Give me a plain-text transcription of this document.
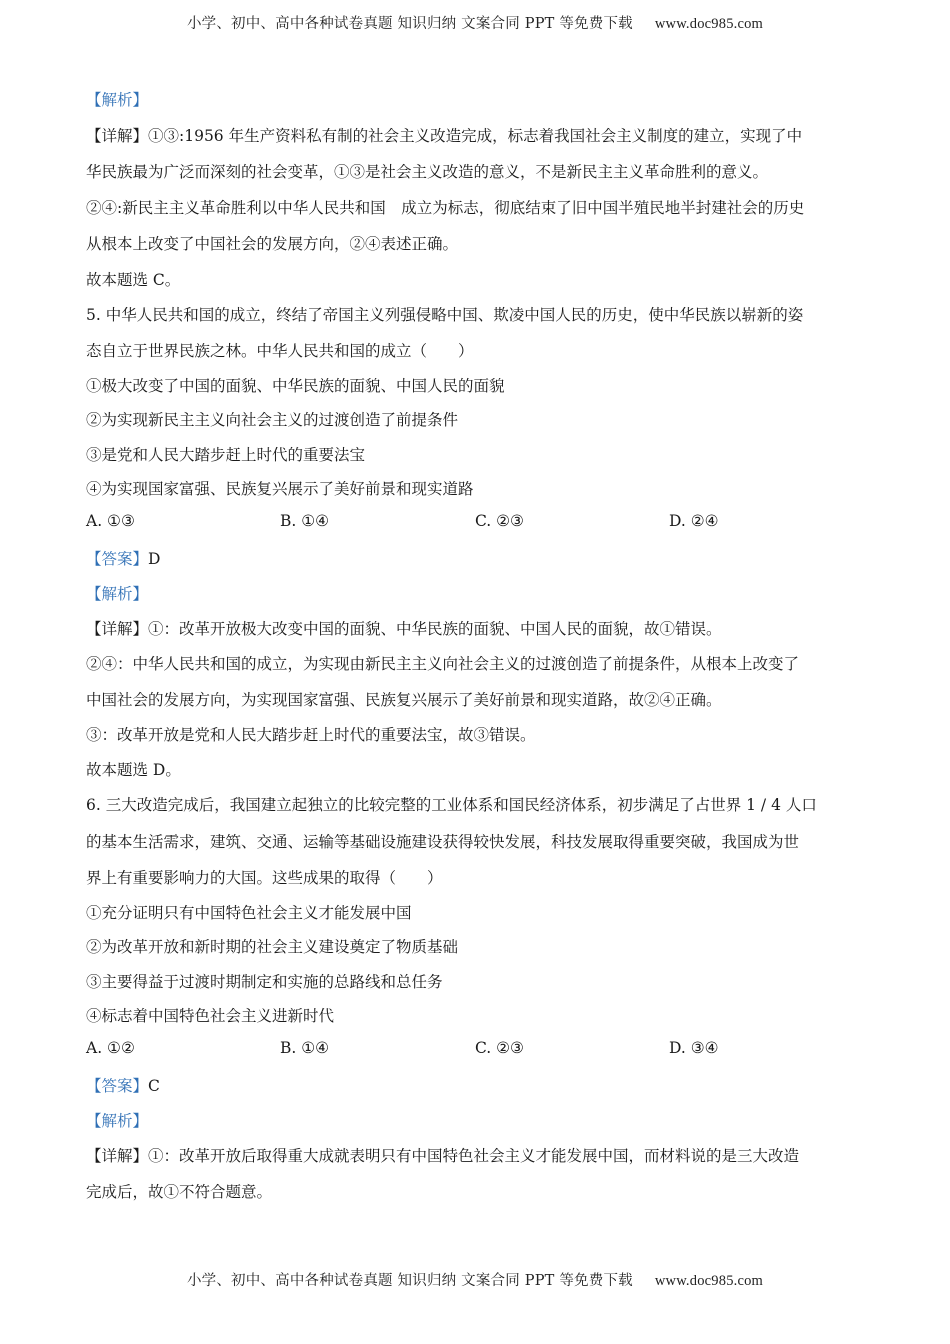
小学、初中、高中各种试卷真题 知识归纳 文案合同 PPT 等免费下载 www.doc985.com
【解析】
【详解】①③:1956 年生产资料私有制的社会主义改造完成，标志着我国社会主义制度的建立，实现了中
华民族最为广泛而深刻的社会变革，①③是社会主义改造的意义，不是新民主主义革命胜利的意义。
②④:新民主主义革命胜利以中华人民共和国　成立为标志，彻底结束了旧中国半殖民地半封建社会的历史
从根本上改变了中国社会的发展方向，②④表述正确。
故本题选 C。
5. 中华人民共和国的成立，终结了帝国主义列强侵略中国、欺凌中国人民的历史，使中华民族以崭新的姿
态自立于世界民族之林。中华人民共和国的成立（　　）
①极大改变了中国的面貌、中华民族的面貌、中国人民的面貌
②为实现新民主主义向社会主义的过渡创造了前提条件
③是党和人民大踏步赶上时代的重要法宝
④为实现国家富强、民族复兴展示了美好前景和现实道路
A. ①③	B. ①④	C. ②③	D. ②④
【答案】D
【解析】
【详解】①：改革开放极大改变中国的面貌、中华民族的面貌、中国人民的面貌，故①错误。
②④：中华人民共和国的成立，为实现由新民主主义向社会主义的过渡创造了前提条件，从根本上改变了
中国社会的发展方向，为实现国家富强、民族复兴展示了美好前景和现实道路，故②④正确。
③：改革开放是党和人民大踏步赶上时代的重要法宝，故③错误。
故本题选 D。
6. 三大改造完成后，我国建立起独立的比较完整的工业体系和国民经济体系，初步满足了占世界 1 / 4 人口
的基本生活需求，建筑、交通、运输等基础设施建设获得较快发展，科技发展取得重要突破，我国成为世
界上有重要影响力的大国。这些成果的取得（　　）
①充分证明只有中国特色社会主义才能发展中国
②为改革开放和新时期的社会主义建设奠定了物质基础
③主要得益于过渡时期制定和实施的总路线和总任务
④标志着中国特色社会主义进新时代
A. ①②	B. ①④	C. ②③	D. ③④
【答案】C
【解析】
【详解】①：改革开放后取得重大成就表明只有中国特色社会主义才能发展中国，而材料说的是三大改造
完成后，故①不符合题意。
小学、初中、高中各种试卷真题 知识归纳 文案合同 PPT 等免费下载 www.doc985.com
